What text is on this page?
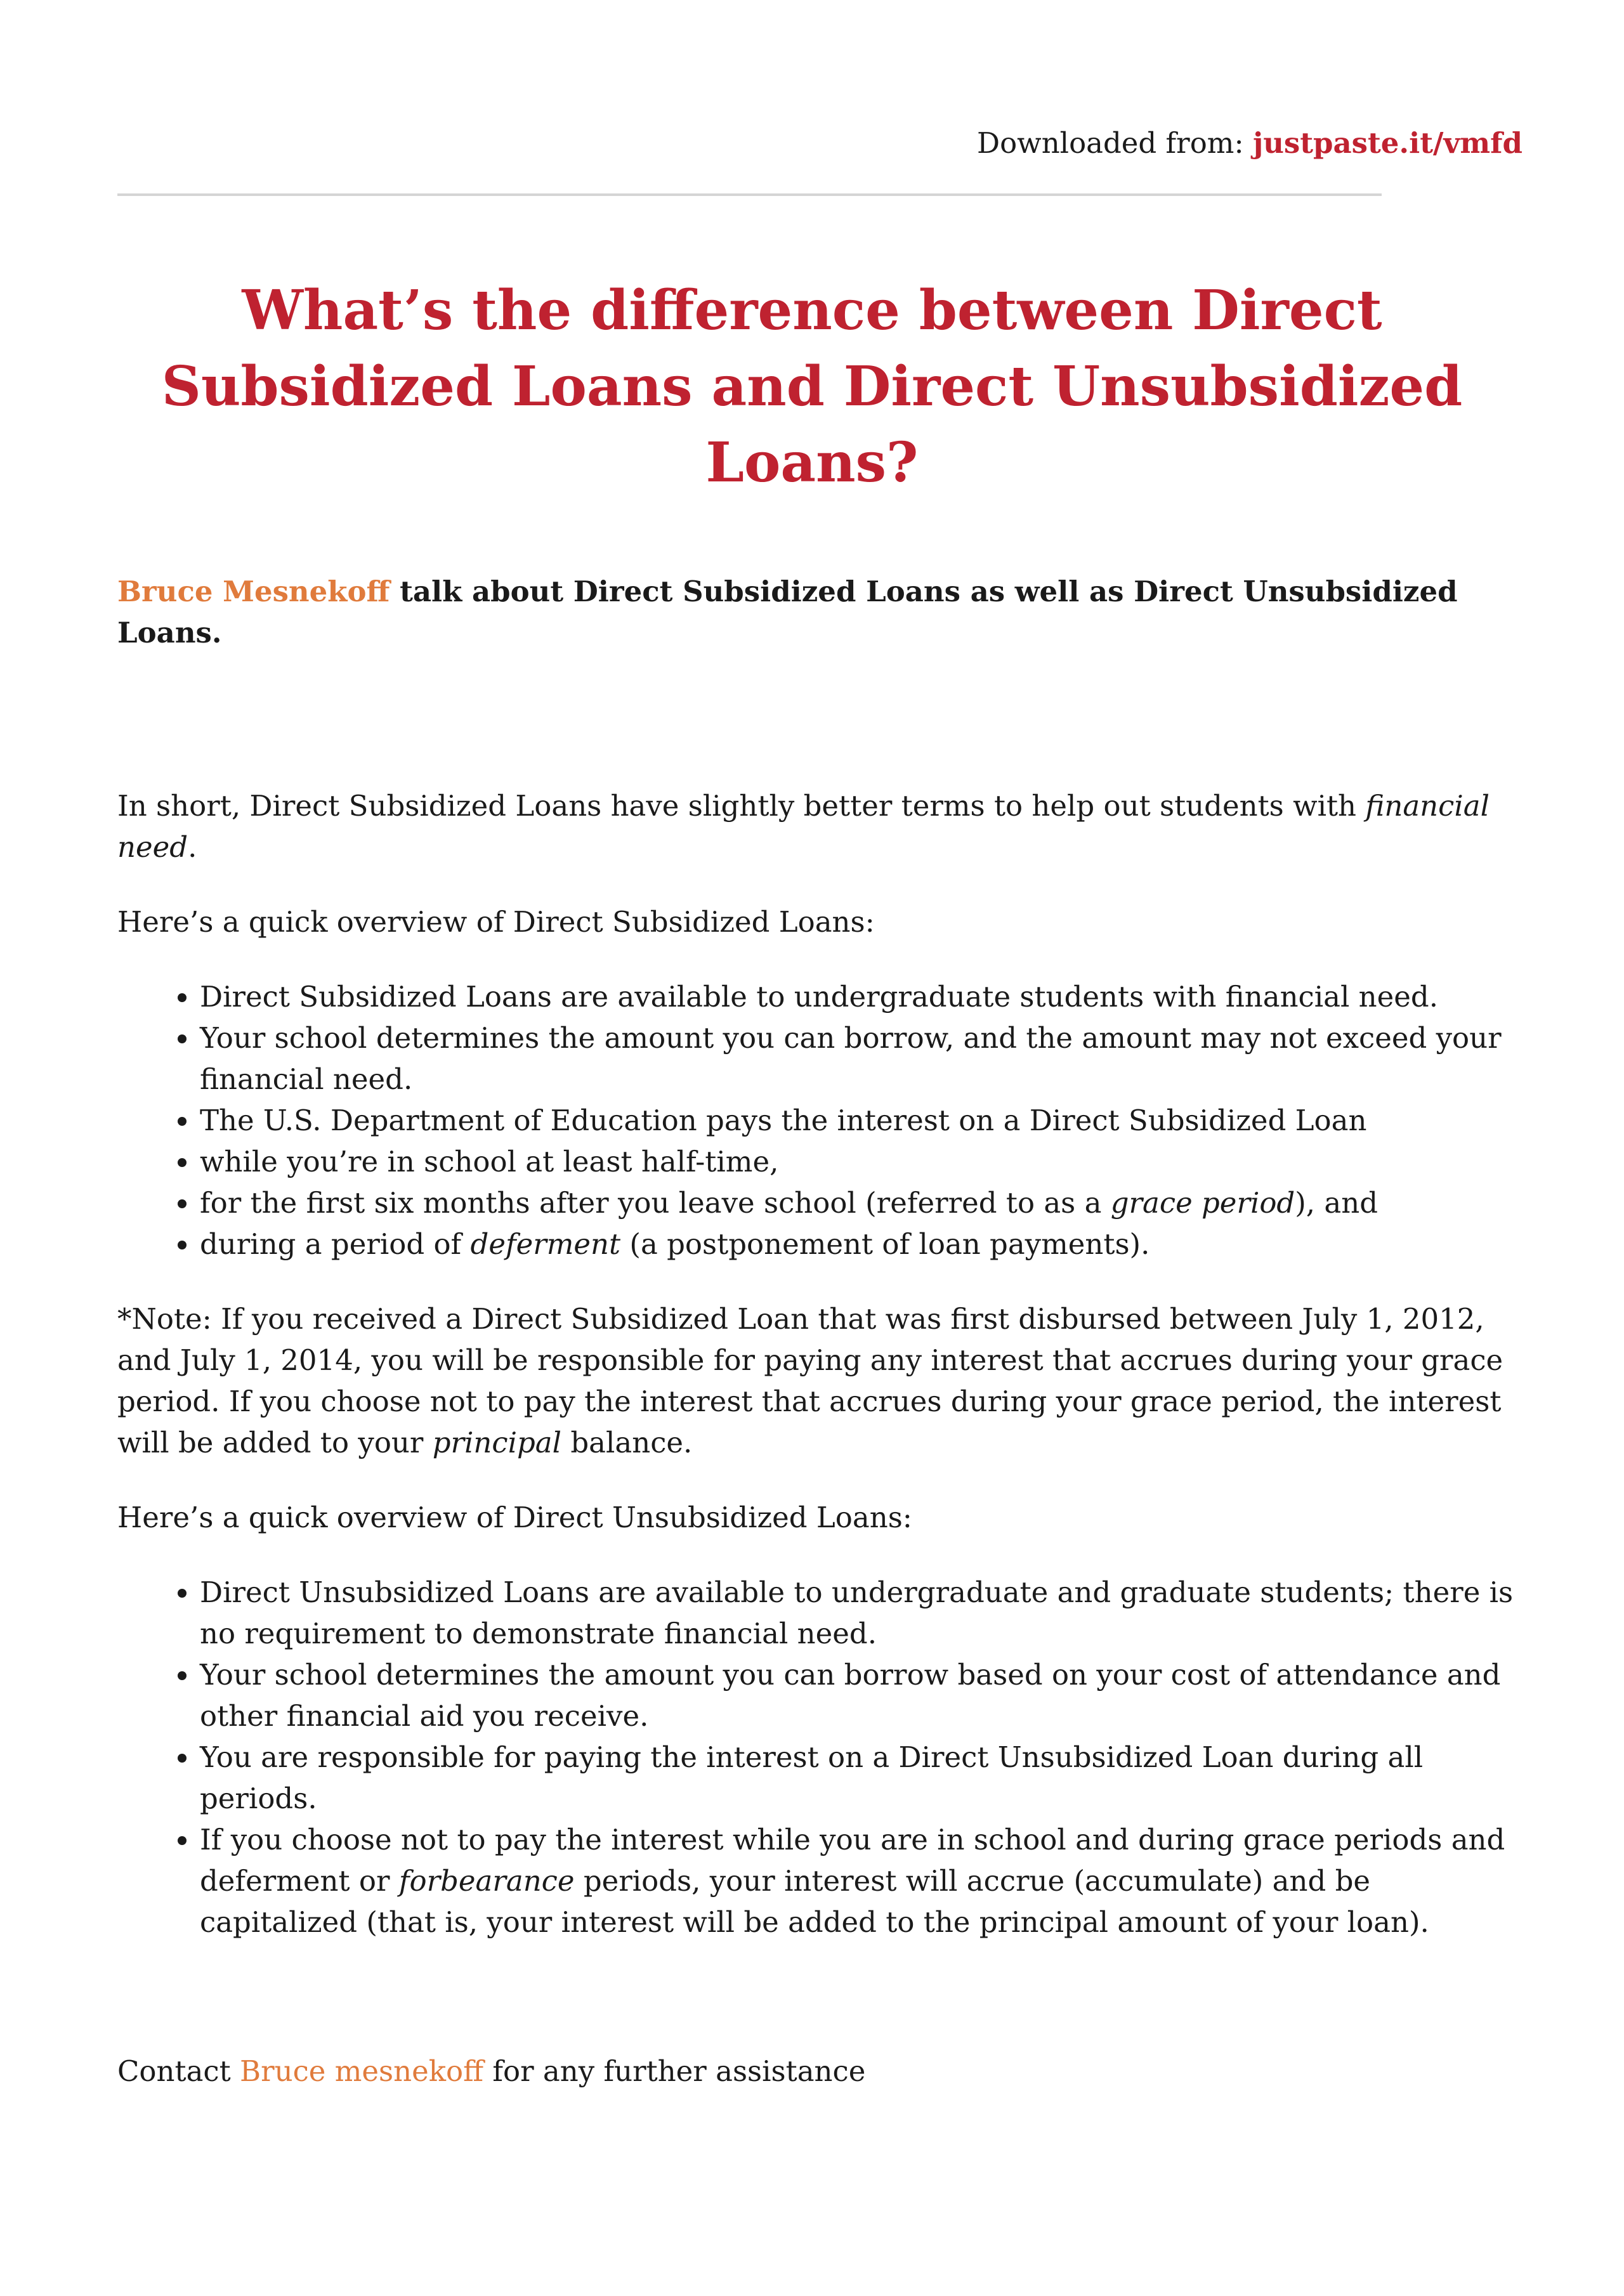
Downloaded from: justpaste.it/vmfd
What’s the difference between Direct Subsidized Loans and Direct Unsubsidized Loans?

Bruce Mesnekoff talk about Direct Subsidized Loans as well as Direct Unsubsidized Loans.

In short, Direct Subsidized Loans have slightly better terms to help out students with financial need.

Here’s a quick overview of Direct Subsidized Loans:

• Direct Subsidized Loans are available to undergraduate students with financial need.
• Your school determines the amount you can borrow, and the amount may not exceed your financial need.
• The U.S. Department of Education pays the interest on a Direct Subsidized Loan
• while you’re in school at least half-time,
• for the first six months after you leave school (referred to as a grace period), and
• during a period of deferment (a postponement of loan payments).

*Note: If you received a Direct Subsidized Loan that was first disbursed between July 1, 2012, and July 1, 2014, you will be responsible for paying any interest that accrues during your grace period. If you choose not to pay the interest that accrues during your grace period, the interest will be added to your principal balance.

Here’s a quick overview of Direct Unsubsidized Loans:

• Direct Unsubsidized Loans are available to undergraduate and graduate students; there is no requirement to demonstrate financial need.
• Your school determines the amount you can borrow based on your cost of attendance and other financial aid you receive.
• You are responsible for paying the interest on a Direct Unsubsidized Loan during all periods.
• If you choose not to pay the interest while you are in school and during grace periods and deferment or forbearance periods, your interest will accrue (accumulate) and be capitalized (that is, your interest will be added to the principal amount of your loan).

Contact Bruce mesnekoff for any further assistance
